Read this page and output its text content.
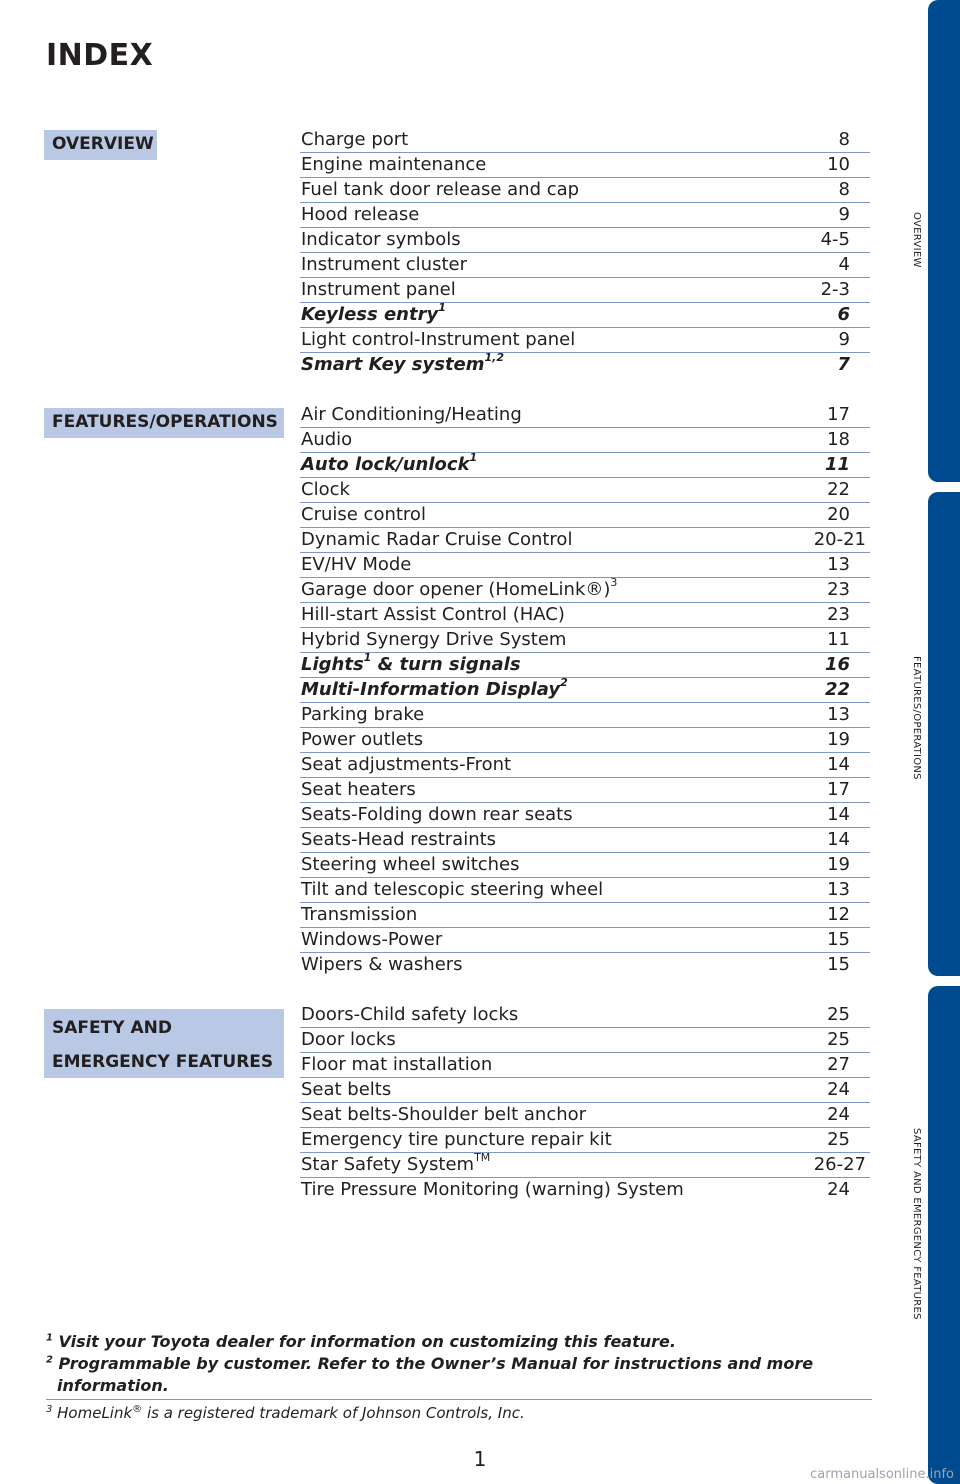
INDEX
OVERVIEW
FEATURES/OPERATIONS
SAFETY AND
EMERGENCY FEATURES
Charge port	8
Engine maintenance	10
Fuel tank door release and cap	8
Hood release	9
Indicator symbols	4-5
Instrument cluster	4
Instrument panel	2-3
Keyless entry$^1$	6
Light control-Instrument panel	9
Smart Key system$^{1,2}$	7
Air Conditioning/Heating	17
Audio	18
Auto lock/unlock$^1$	11
Clock	22
Cruise control	20
Dynamic Radar Cruise Control	20-21
EV/HV Mode	13
Garage door opener (HomeLink®)$^3$	23
Hill-start Assist Control (HAC)	23
Hybrid Synergy Drive System	11
Lights$^1$ & turn signals	16
Multi-Information Display$^2$	22
Parking brake	13
Power outlets	19
Seat adjustments-Front	14
Seat heaters	17
Seats-Folding down rear seats	14
Seats-Head restraints	14
Steering wheel switches	19
Tilt and telescopic steering wheel	13
Transmission	12
Windows-Power	15
Wipers & washers	15
Doors-Child safety locks	25
Door locks	25
Floor mat installation	27
Seat belts	24
Seat belts-Shoulder belt anchor	24
Emergency tire puncture repair kit	25
Star Safety System™	26-27
Tire Pressure Monitoring (warning) System	24
$^1$ Visit your Toyota dealer for information on customizing this feature.
$^2$ Programmable by customer. Refer to the Owner’s Manual for instructions and more
information.
$^3$ HomeLink® is a registered trademark of Johnson Controls, Inc.
1
OVERVIEW
FEATURES/OPERATIONS
SAFETY AND EMERGENCY FEATURES
carmanualsonline.info
